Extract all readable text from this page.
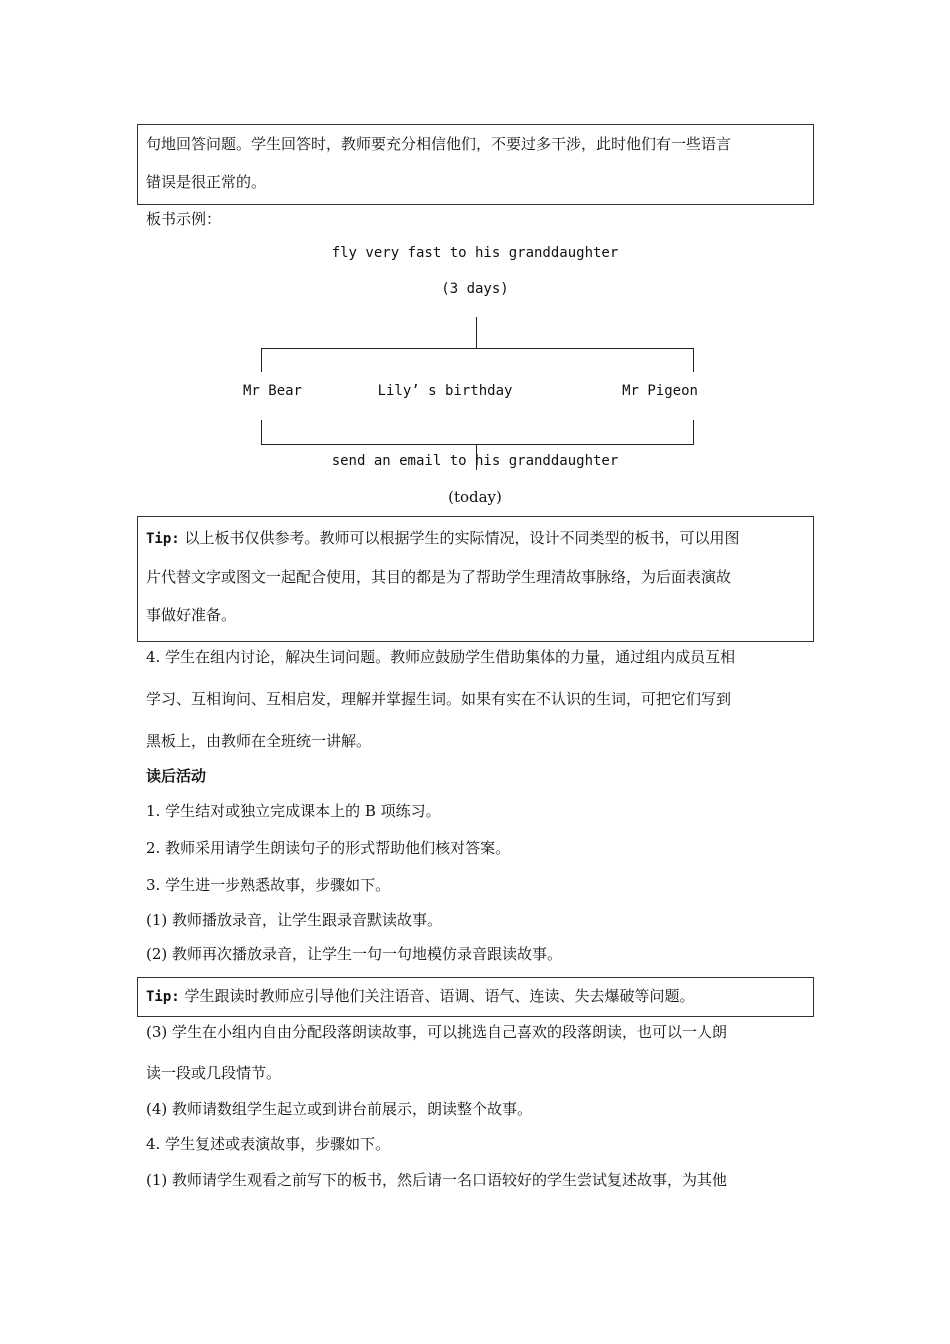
句地回答问题。学生回答时，教师要充分相信他们，不要过多干涉，此时他们有一些语言

错误是很正常的。

板书示例：

fly very fast to his granddaughter
(3 days)
Mr Bear	Lily’ s birthday	Mr Pigeon
send an email to his granddaughter
(today)

Tip: 以上板书仅供参考。教师可以根据学生的实际情况，设计不同类型的板书，可以用图

片代替文字或图文一起配合使用，其目的都是为了帮助学生理清故事脉络，为后面表演故

事做好准备。

4. 学生在组内讨论，解决生词问题。教师应鼓励学生借助集体的力量，通过组内成员互相

学习、互相询问、互相启发，理解并掌握生词。如果有实在不认识的生词，可把它们写到

黑板上，由教师在全班统一讲解。

读后活动

1. 学生结对或独立完成课本上的 B 项练习。

2. 教师采用请学生朗读句子的形式帮助他们核对答案。

3. 学生进一步熟悉故事，步骤如下。

(1) 教师播放录音，让学生跟录音默读故事。

(2) 教师再次播放录音，让学生一句一句地模仿录音跟读故事。

Tip: 学生跟读时教师应引导他们关注语音、语调、语气、连读、失去爆破等问题。

(3) 学生在小组内自由分配段落朗读故事，可以挑选自己喜欢的段落朗读，也可以一人朗

读一段或几段情节。

(4) 教师请数组学生起立或到讲台前展示，朗读整个故事。

4. 学生复述或表演故事，步骤如下。

(1) 教师请学生观看之前写下的板书，然后请一名口语较好的学生尝试复述故事，为其他
